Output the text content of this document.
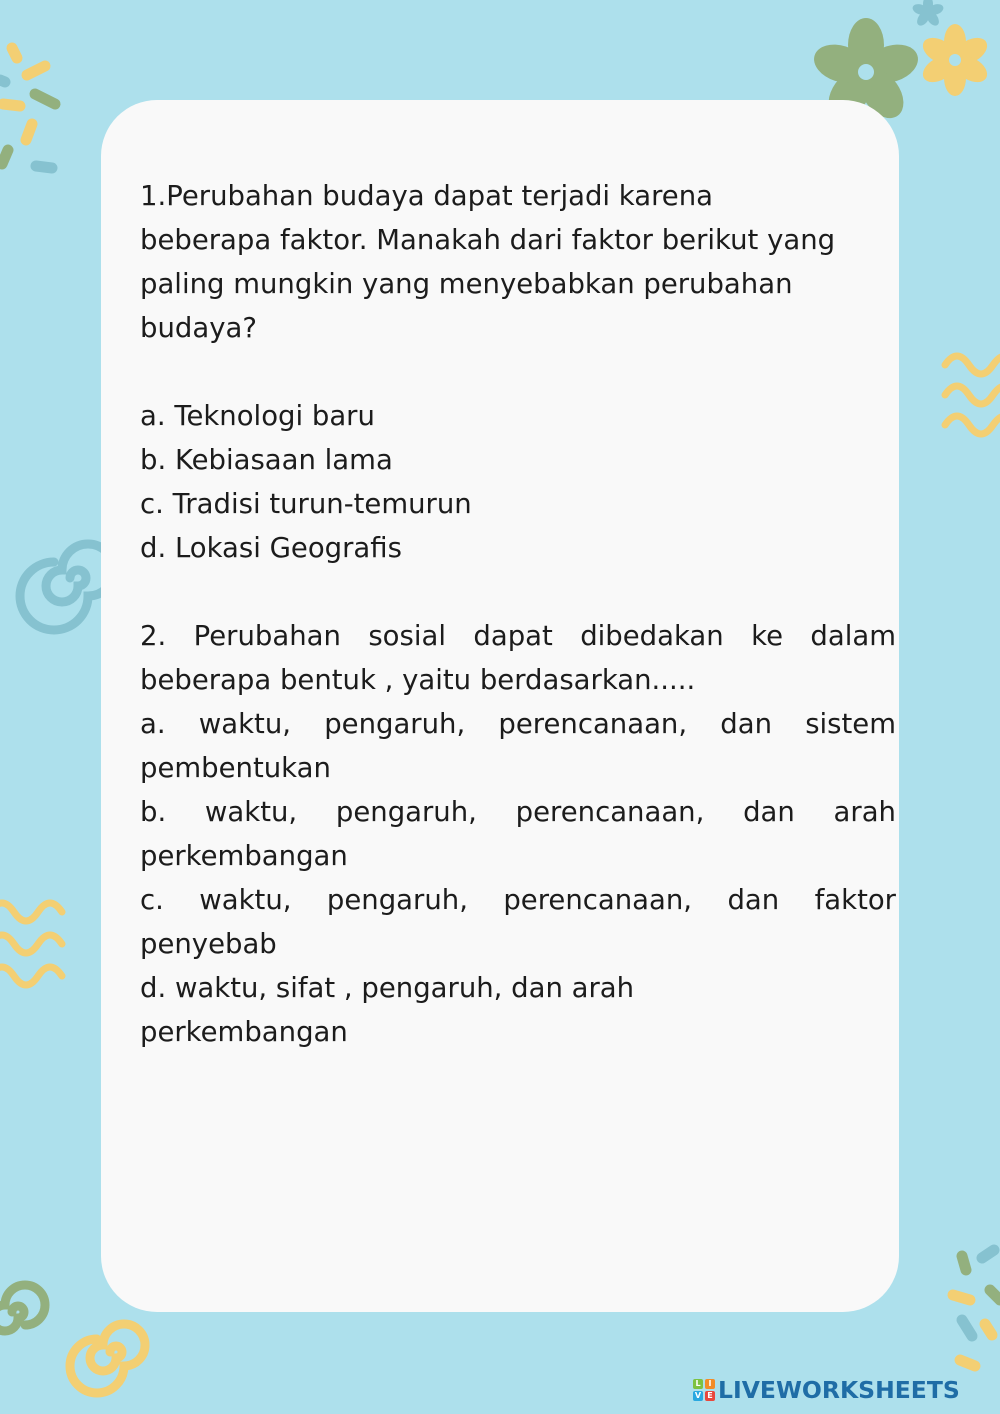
1.Perubahan budaya dapat terjadi karena
beberapa faktor. Manakah dari faktor berikut yang
paling mungkin yang menyebabkan perubahan
budaya?
a. Teknologi baru
b. Kebiasaan lama
c. Tradisi turun-temurun
d. Lokasi Geografis
2. Perubahan sosial dapat dibedakan ke dalam beberapa bentuk , yaitu berdasarkan.....
a. waktu, pengaruh, perencanaan, dan sistem pembentukan
b. waktu, pengaruh, perencanaan, dan arah perkembangan
c. waktu, pengaruh, perencanaan, dan faktor penyebab
d. waktu, sifat , pengaruh, dan arah
perkembangan
L I
V E LIVEWORKSHEETS
